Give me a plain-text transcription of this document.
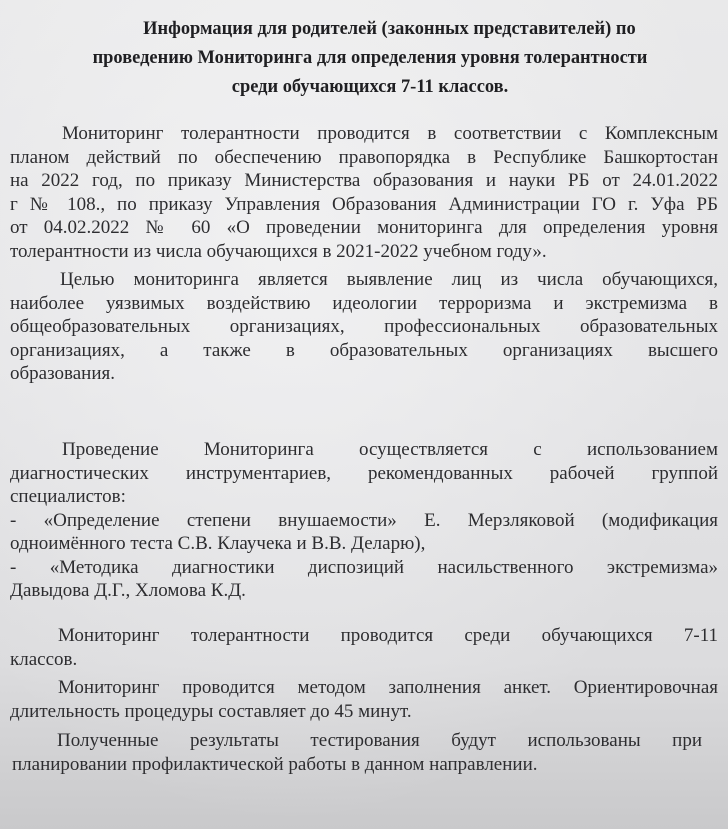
Информация для родителей (законных представителей) по
проведению Мониторинга для определения уровня толерантности
среди обучающихся 7-11 классов.
Мониторинг толерантности проводится в соответствии с Комплексным
планом действий по обеспечению правопорядка в Республике Башкортостан
на 2022 год, по приказу Министерства образования и науки РБ от 24.01.2022
г № 108., по приказу Управления Образования Администрации ГО г. Уфа РБ
от 04.02.2022 № 60 «О проведении мониторинга для определения уровня
толерантности из числа обучающихся в 2021-2022 учебном году».
Целью мониторинга является выявление лиц из числа обучающихся,
наиболее уязвимых воздействию идеологии терроризма и экстремизма в
общеобразовательных организациях, профессиональных образовательных
организациях, а также в образовательных организациях высшего
образования.
Проведение Мониторинга осуществляется с использованием
диагностических инструментариев, рекомендованных рабочей группой
специалистов:
- «Определение степени внушаемости» Е. Мерзляковой (модификация
одноимённого теста С.В. Клаучека и В.В. Деларю),
- «Методика диагностики диспозиций насильственного экстремизма»
Давыдова Д.Г., Хломова К.Д.
Мониторинг толерантности проводится среди обучающихся 7-11
классов.
Мониторинг проводится методом заполнения анкет. Ориентировочная
длительность процедуры составляет до 45 минут.
Полученные результаты тестирования будут использованы при
планировании профилактической работы в данном направлении.
